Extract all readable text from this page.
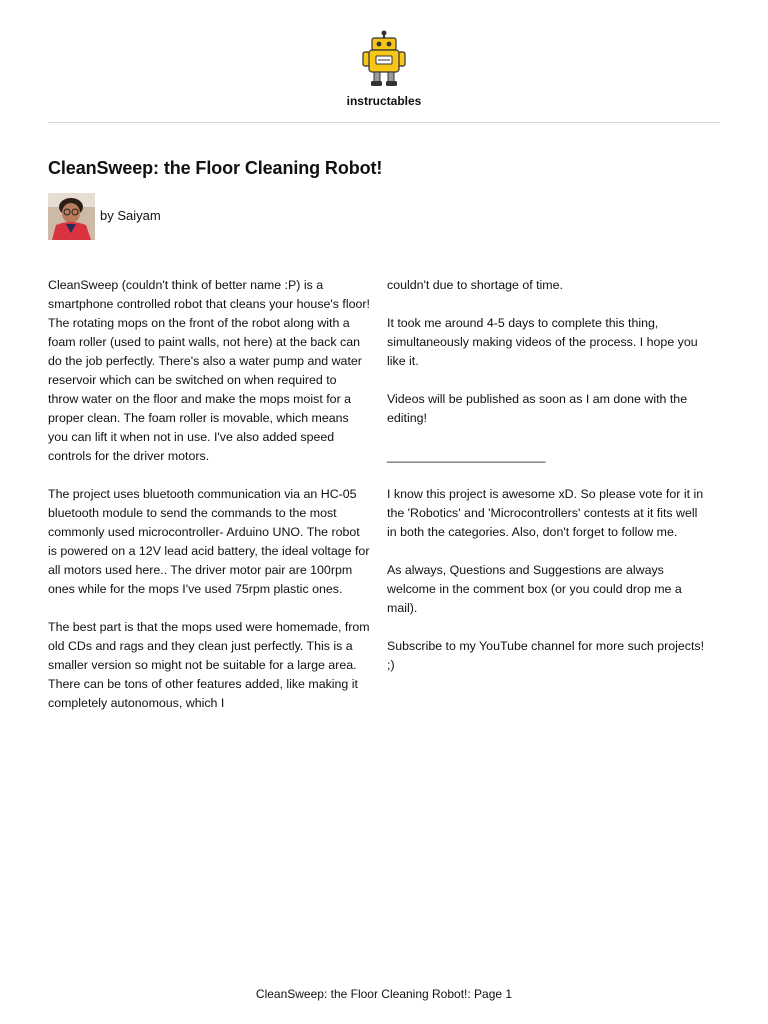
instructables
CleanSweep: the Floor Cleaning Robot!
by Saiyam

CleanSweep (couldn't think of better name :P) is a smartphone controlled robot that cleans your house's floor! The rotating mops on the front of the robot along with a foam roller (used to paint walls, not here) at the back can do the job perfectly. There's also a water pump and water reservoir which can be switched on when required to throw water on the floor and make the mops moist for a proper clean. The foam roller is movable, which means you can lift it when not in use. I've also added speed controls for the driver motors.

The project uses bluetooth communication via an HC-05 bluetooth module to send the commands to the most commonly used microcontroller- Arduino UNO. The robot is powered on a 12V lead acid battery, the ideal voltage for all motors used here.. The driver motor pair are 100rpm ones while for the mops I've used 75rpm plastic ones.

The best part is that the mops used were homemade, from old CDs and rags and they clean just perfectly. This is a smaller version so might not be suitable for a large area. There can be tons of other features added, like making it completely autonomous, which I

couldn't due to shortage of time.

It took me around 4-5 days to complete this thing, simultaneously making videos of the process. I hope you like it.

Videos will be published as soon as I am done with the editing!

_______________________

I know this project is awesome xD. So please vote for it in the 'Robotics' and 'Microcontrollers' contests at it fits well in both the categories. Also, don't forget to follow me.

As always, Questions and Suggestions are always welcome in the comment box (or you could drop me a mail).

Subscribe to my YouTube channel for more such projects! ;)

CleanSweep: the Floor Cleaning Robot!: Page 1
